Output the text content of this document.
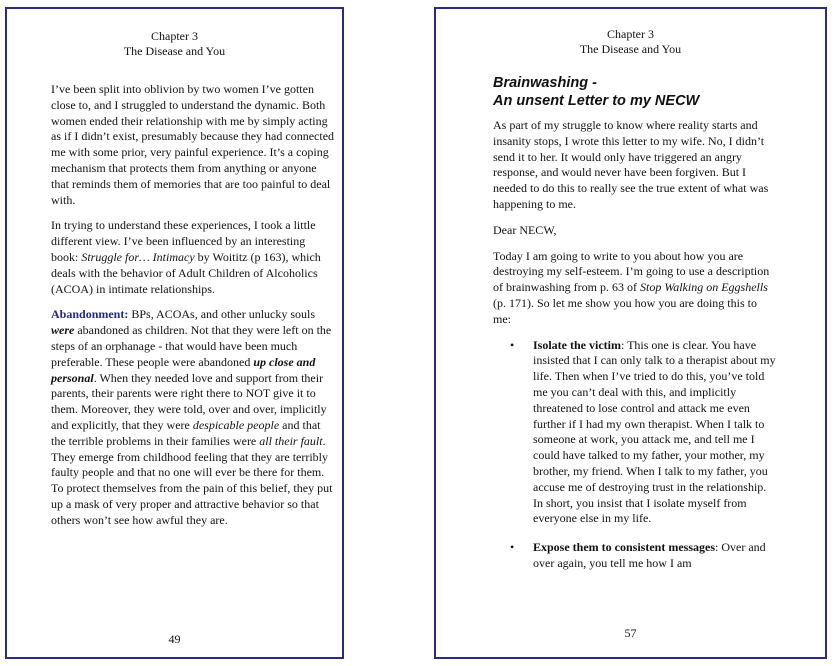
Chapter 3
The Disease and You

I’ve been split into oblivion by two women I’ve gotten close to, and I struggled to understand the dynamic. Both women ended their relationship with me by simply acting as if I didn’t exist, presumably because they had connected me with some prior, very painful experience. It’s a coping mechanism that protects them from anything or anyone that reminds them of memories that are too painful to deal with.

In trying to understand these experiences, I took a little different view. I’ve been influenced by an interesting book: Struggle for… Intimacy by Woititz (p 163), which deals with the behavior of Adult Children of Alcoholics (ACOA) in intimate relationships.

Abandonment: BPs, ACOAs, and other unlucky souls were abandoned as children. Not that they were left on the steps of an orphanage - that would have been much preferable. These people were abandoned up close and personal. When they needed love and support from their parents, their parents were right there to NOT give it to them. Moreover, they were told, over and over, implicitly and explicitly, that they were despicable people and that the terrible problems in their families were all their fault. They emerge from childhood feeling that they are terribly faulty people and that no one will ever be there for them. To protect themselves from the pain of this belief, they put up a mask of very proper and attractive behavior so that others won’t see how awful they are.

49
Chapter 3
The Disease and You
Brainwashing -
An unsent Letter to my NECW

As part of my struggle to know where reality starts and insanity stops, I wrote this letter to my wife. No, I didn’t send it to her. It would only have triggered an angry response, and would never have been forgiven. But I needed to do this to really see the true extent of what was happening to me.

Dear NECW,

Today I am going to write to you about how you are destroying my self-esteem. I’m going to use a description of brainwashing from p. 63 of Stop Walking on Eggshells (p. 171). So let me show you how you are doing this to me:

• Isolate the victim: This one is clear. You have insisted that I can only talk to a therapist about my life. Then when I’ve tried to do this, you’ve told me you can’t deal with this, and implicitly threatened to lose control and attack me even further if I had my own therapist. When I talk to someone at work, you attack me, and tell me I could have talked to my father, your mother, my brother, my friend. When I talk to my father, you accuse me of destroying trust in the relationship. In short, you insist that I isolate myself from everyone else in my life.
• Expose them to consistent messages: Over and over again, you tell me how I am
57
